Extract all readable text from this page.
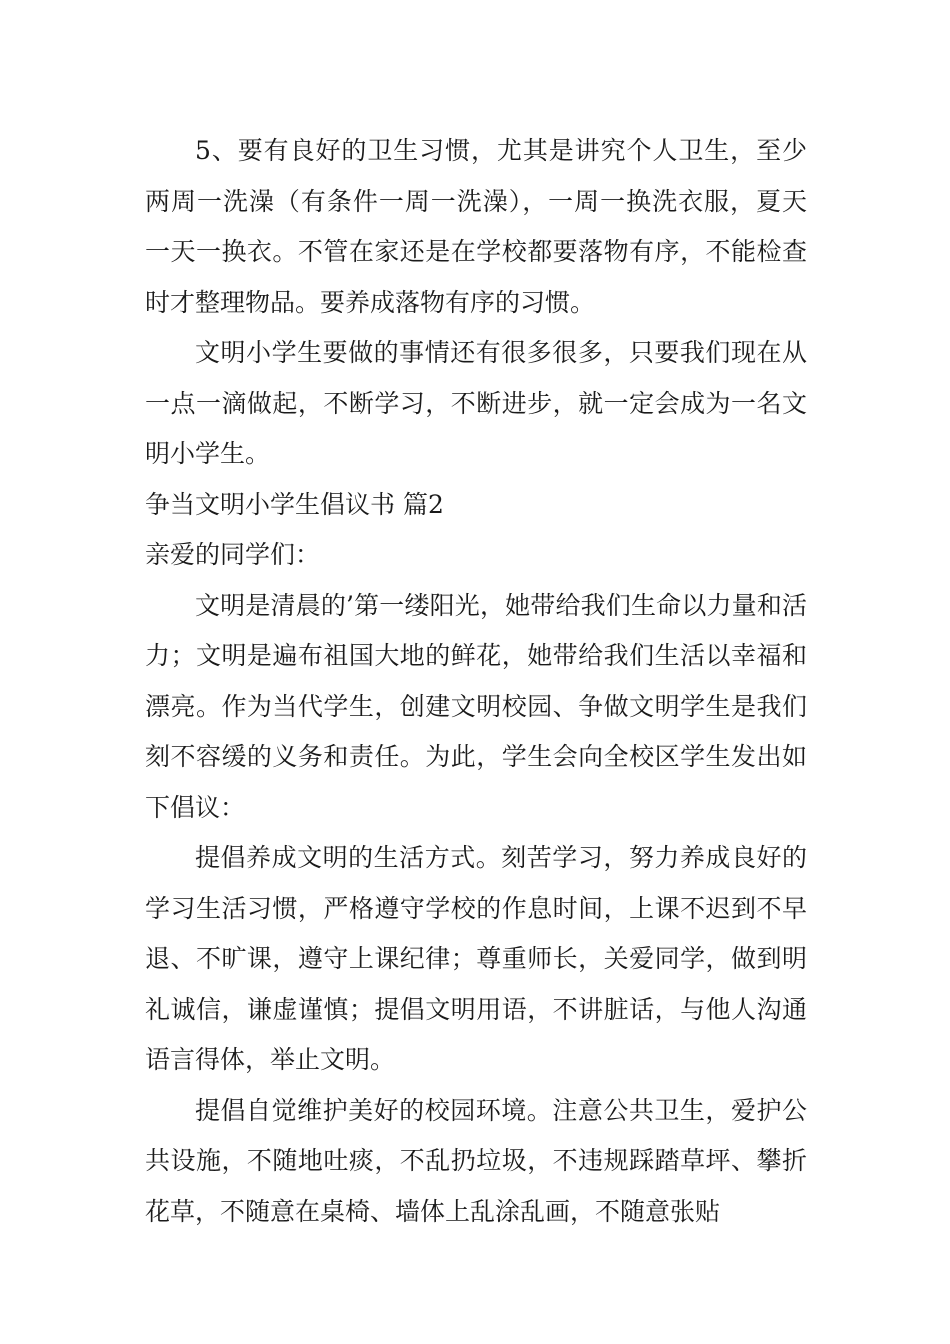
5、要有良好的卫生习惯，尤其是讲究个人卫生，至少两周一洗澡（有条件一周一洗澡），一周一换洗衣服，夏天一天一换衣。不管在家还是在学校都要落物有序，不能检查时才整理物品。要养成落物有序的习惯。

文明小学生要做的事情还有很多很多，只要我们现在从一点一滴做起，不断学习，不断进步，就一定会成为一名文明小学生。

争当文明小学生倡议书 篇2

亲爱的同学们：

文明是清晨的’第一缕阳光，她带给我们生命以力量和活力；文明是遍布祖国大地的鲜花，她带给我们生活以幸福和漂亮。作为当代学生，创建文明校园、争做文明学生是我们刻不容缓的义务和责任。为此，学生会向全校区学生发出如下倡议：

提倡养成文明的生活方式。刻苦学习，努力养成良好的学习生活习惯，严格遵守学校的作息时间，上课不迟到不早退、不旷课，遵守上课纪律；尊重师长，关爱同学，做到明礼诚信，谦虚谨慎；提倡文明用语，不讲脏话，与他人沟通语言得体，举止文明。

提倡自觉维护美好的校园环境。注意公共卫生，爱护公共设施，不随地吐痰，不乱扔垃圾，不违规踩踏草坪、攀折花草，不随意在桌椅、墙体上乱涂乱画，不随意张贴
